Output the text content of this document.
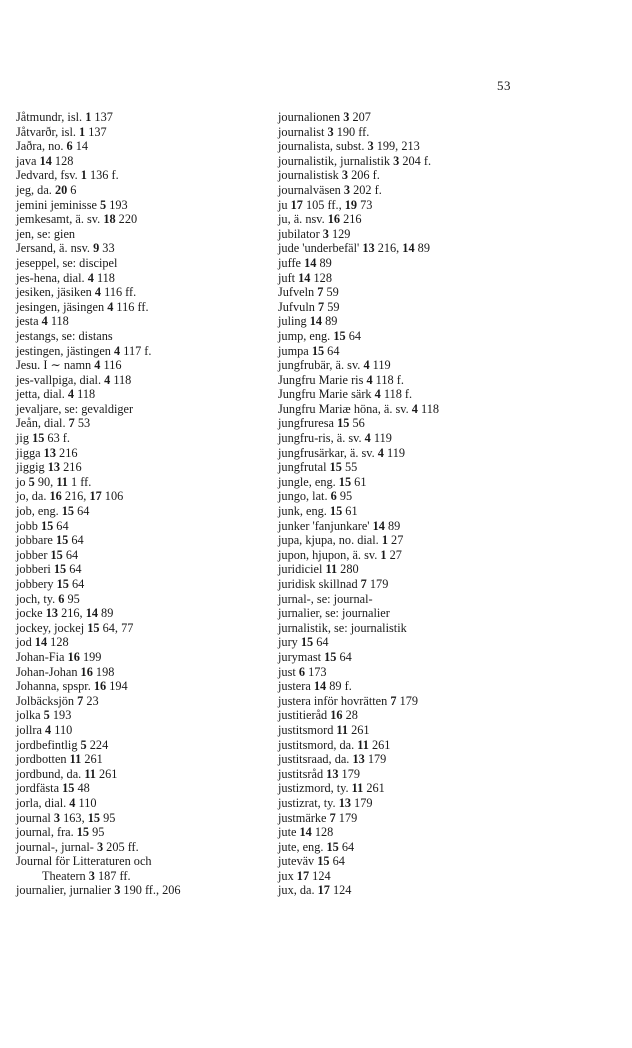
53
Jåtmundr, isl. 1 137
Jåtvarðr, isl. 1 137
Jaðra, no. 6 14
java 14 128
Jedvard, fsv. 1 136 f.
jeg, da. 20 6
jemini jeminisse 5 193
jemkesamt, ä. sv. 18 220
jen, se: gien
Jersand, ä. nsv. 9 33
jeseppel, se: discipel
jes-hena, dial. 4 118
jesiken, jäsiken 4 116 ff.
jesingen, jäsingen 4 116 ff.
jesta 4 118
jestangs, se: distans
jestingen, jästingen 4 117 f.
Jesu. I ∼ namn 4 116
jes-vallpiga, dial. 4 118
jetta, dial. 4 118
jevaljare, se: gevaldiger
Jeån, dial. 7 53
jig 15 63 f.
jigga 13 216
jiggig 13 216
jo 5 90, 11 1 ff.
jo, da. 16 216, 17 106
job, eng. 15 64
jobb 15 64
jobbare 15 64
jobber 15 64
jobberi 15 64
jobbery 15 64
joch, ty. 6 95
jocke 13 216, 14 89
jockey, jockej 15 64, 77
jod 14 128
Johan-Fia 16 199
Johan-Johan 16 198
Johanna, spspr. 16 194
Jolbäcksjön 7 23
jolka 5 193
jollra 4 110
jordbefintlig 5 224
jordbotten 11 261
jordbund, da. 11 261
jordfästa 15 48
jorla, dial. 4 110
journal 3 163, 15 95
journal, fra. 15 95
journal-, jurnal- 3 205 ff.
Journal för Litteraturen och
Theatern 3 187 ff.
journalier, jurnalier 3 190 ff., 206
journalionen 3 207
journalist 3 190 ff.
journalista, subst. 3 199, 213
journalistik, jurnalistik 3 204 f.
journalistisk 3 206 f.
journalväsen 3 202 f.
ju 17 105 ff., 19 73
ju, ä. nsv. 16 216
jubilator 3 129
jude 'underbefäl' 13 216, 14 89
juffe 14 89
juft 14 128
Jufveln 7 59
Jufvuln 7 59
juling 14 89
jump, eng. 15 64
jumpa 15 64
jungfrubär, ä. sv. 4 119
Jungfru Marie ris 4 118 f.
Jungfru Marie särk 4 118 f.
Jungfru Mariæ höna, ä. sv. 4 118
jungfruresa 15 56
jungfru-ris, ä. sv. 4 119
jungfrusärkar, ä. sv. 4 119
jungfrutal 15 55
jungle, eng. 15 61
jungo, lat. 6 95
junk, eng. 15 61
junker 'fanjunkare' 14 89
jupa, kjupa, no. dial. 1 27
jupon, hjupon, ä. sv. 1 27
juridiciel 11 280
juridisk skillnad 7 179
jurnal-, se: journal-
jurnalier, se: journalier
jurnalistik, se: journalistik
jury 15 64
jurymast 15 64
just 6 173
justera 14 89 f.
justera inför hovrätten 7 179
justitieråd 16 28
justitsmord 11 261
justitsmord, da. 11 261
justitsraad, da. 13 179
justitsråd 13 179
justizmord, ty. 11 261
justizrat, ty. 13 179
justmärke 7 179
jute 14 128
jute, eng. 15 64
juteväv 15 64
jux 17 124
jux, da. 17 124
